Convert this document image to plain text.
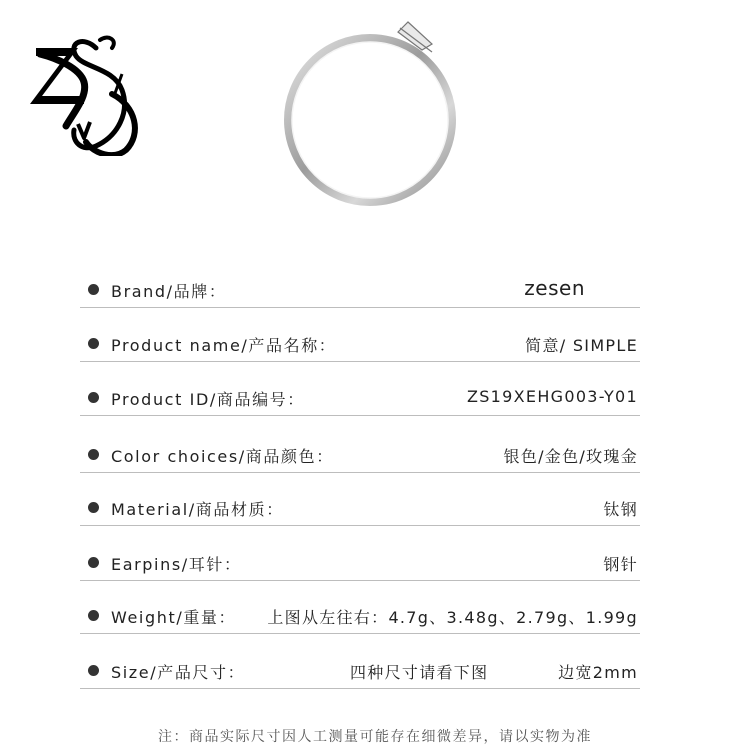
Brand/品牌：	zesen
Product name/产品名称：	简意/ SIMPLE
Product ID/商品编号：	ZS19XEHG003-Y01
Color choices/商品颜色：	银色/金色/玫瑰金
Material/商品材质：	钛钢
Earpins/耳针：	钢针
Weight/重量： 上图从左往右：4.7g、3.48g、2.79g、1.99g
Size/产品尺寸：	四种尺寸请看下图	边宽2mm
注：商品实际尺寸因人工测量可能存在细微差异，请以实物为准
